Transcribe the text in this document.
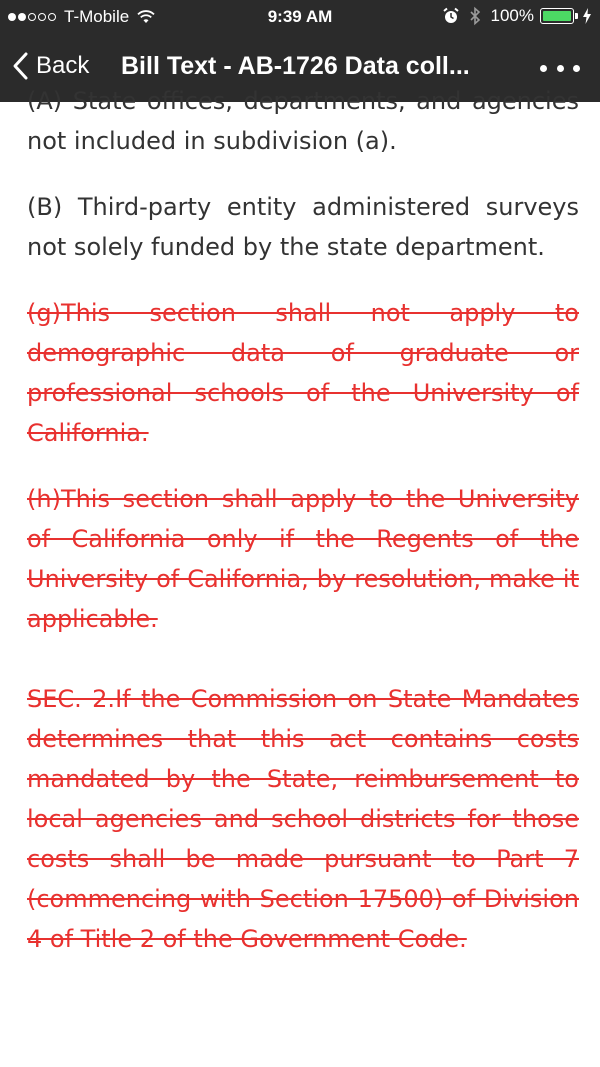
T-Mobile	9:39 AM	100%
Back Bill Text - AB-1726 Data coll...

(A) State offices, departments, and agencies not included in subdivision (a).

(B) Third-party entity administered surveys not solely funded by the state department.

(g)This section shall not apply to demographic data of graduate or professional schools of the University of California.

(h)This section shall apply to the University of California only if the Regents of the University of California, by resolution, make it applicable.

SEC. 2.If the Commission on State Mandates determines that this act contains costs mandated by the State, reimbursement to local agencies and school districts for those costs shall be made pursuant to Part 7 (commencing with Section 17500) of Division 4 of Title 2 of the Government Code.
